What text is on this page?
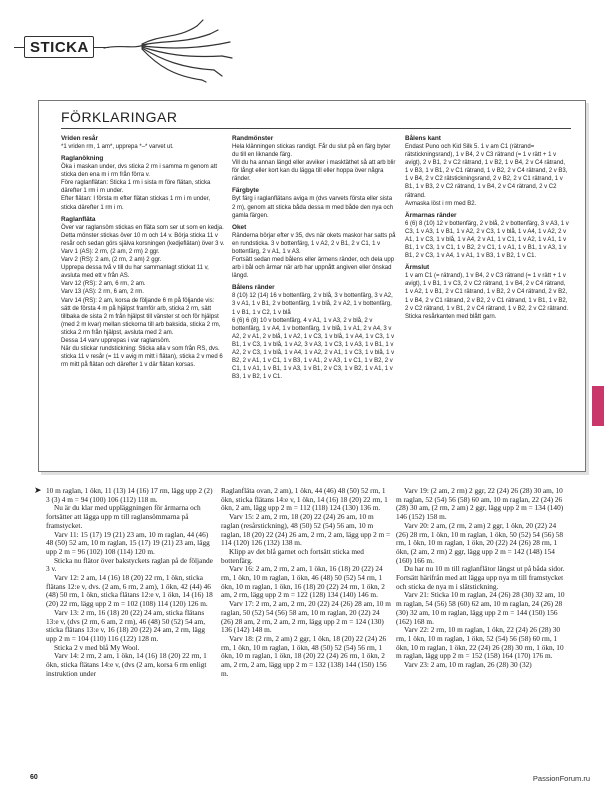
STICKA
FÖRKLARINGAR
Vriden resår

*1 vriden rm, 1 am*, upprepa *–* varvet ut.

Raglanökning

Öka i maskan under, dvs sticka 2 rm i samma m genom att sticka den ena m i rm från förra v.
Före raglanflätan: Sticka 1 rm i sista m före flätan, sticka därefter 1 rm i m under.
Efter flätan: I första m efter flätan stickas 1 rm i m under, sticka därefter 1 rm i m.

Raglanfläta

Över var raglansöm stickas en fläta som ser ut som en kedja. Detta mönster stickas över 10 m och 14 v. Börja sticka 11 v resår och sedan görs själva korsningen (kedjeflätan) över 3 v.
Varv 1 (AS): 2 rm, (2 am, 2 rm) 2 ggr.
Varv 2 (RS): 2 am, (2 rm, 2 am) 2 ggr.
Upprepa dessa två v till du har sammanlagt stickat 11 v, avsluta med ett v från AS.
Varv 12 (RS): 2 am, 6 rm, 2 am.
Varv 13 (AS): 2 rm, 6 am, 2 rm.
Varv 14 (RS): 2 am, korsa de följande 6 m på följande vis: sätt de första 4 m på hjälpst framför arb, sticka 2 rm, sätt tillbaka de sista 2 m från hjälpst till vänster st och för hjälpst (med 2 m kvar) mellan stickorna till arb baksida, sticka 2 rm, sticka 2 rm från hjälpst, avsluta med 2 am.
Dessa 14 varv upprepas i var raglansöm.
När du stickar rundstickning: Sticka alla v som från RS, dvs. sticka 11 v resår (= 11 v avig m mitt i flätan), sticka 2 v med 6 rm mitt på flätan och därefter 1 v där flätan korsas.

Randmönster

Hela klänningen stickas randigt. Får du slut på en färg byter du till en liknande färg.
Vill du ha annan längd eller avviker i masktäthet så att arb blir för långt eller kort kan du lägga till eller hoppa över några ränder.

Färgbyte

Byt färg i raglanflätans aviga m (dvs varvets första eller sista 2 m), genom att sticka båda dessa m med både den nya och gamla färgen.

Oket

Ränderna börjar efter v 35, dvs när okets maskor har satts på en rundsticka. 3 v bottenfärg, 1 v A2, 2 v B1, 2 v C1, 1 v bottenfärg, 2 v A1, 1 v A3.
Fortsätt sedan med bålens eller ärmens ränder, och dela upp arb i bål och ärmar när arb har uppnått angiven eller önskad längd.

Bålens ränder

8 (10) 12 (14) 16 v bottenfärg, 2 v blå, 3 v bottenfärg, 3 v A2, 3 v A1, 1 v B1, 2 v bottenfärg, 1 v blå, 2 v A2, 1 v bottenfärg, 1 v B1, 1 v C2, 1 v blå
6 (6) 6 (8) 10 v bottenfärg, 4 v A1, 1 v A3, 2 v blå, 2 v bottenfärg, 1 v A4, 1 v bottenfärg, 1 v blå, 1 v A1, 2 v A4, 3 v A2, 2 v A1, 2 v blå, 1 v A2, 1 v C3, 1 v blå, 1 v A4, 1 v C3, 1 v B1, 1 v C3, 1 v blå, 1 v A2, 3 v A3, 1 v C3, 1 v A3, 1 v B1, 1 v A2, 2 v C3, 1 v blå, 1 v A4, 1 v A2, 2 v A1, 1 v C3, 1 v blå, 1 v B2, 2 v A1, 1 v C1, 1 v B3, 1 v A1, 2 v A3, 1 v C1, 1 v B2, 2 v C1, 1 v A1, 1 v B1, 1 v A3, 1 v B1, 2 v C3, 1 v B2, 1 v A1, 1 v B3, 1 v B2, 1 v C1.

Bålens kant

Endast Puno och Kid Silk 5. 1 v am C1 (rätrand= rätstickningsrand), 1 v B4, 2 v C3 rätrand (= 1 v rätt + 1 v avigt), 2 v B1, 2 v C2 rätrand, 1 v B2, 1 v B4, 2 v C4 rätrand, 1 v B3, 1 v B1, 2 v C1 rätrand, 1 v B2, 2 v C4 rätrand, 2 v B3, 1 v B4, 2 v C2 rätstickningsrand, 2 v B2, 2 v C1 rätrand, 1 v B1, 1 v B3, 2 v C2 rätrand, 1 v B4, 2 v C4 rätrand, 2 v C2 rätrand.
Avmaska löst i rm med B2.

Ärmarnas ränder

6 (6) 8 (10) 12 v bottenfärg, 2 v blå, 2 v bottenfärg, 3 v A3, 1 v C3, 1 v A3, 1 v B1, 1 v A2, 2 v C3, 1 v blå, 1 v A4, 1 v A2, 2 v A1, 1 v C3, 1 v blå, 1 v A4, 2 v A1, 1 v C1, 1 v A2, 1 v A1, 1 v B1, 1 v C3, 1 v C1, 1 v B2, 2 v C1, 1 v A1, 1 v B1, 1 v A3, 1 v B1, 2 v C3, 1 v A4, 1 v A1, 1 v B3, 1 v B2, 1 v C1.

Ärmslut

1 v am C1 (= rätrand), 1 v B4, 2 v C3 rätrand (= 1 v rätt + 1 v avigt), 1 v B1, 1 v C3, 2 v C2 rätrand, 1 v B4, 2 v C4 rätrand, 1 v A2, 1 v B1, 2 v C1 rätrand, 1 v B2, 2 v C4 rätrand, 2 v B2, 1 v B4, 2 v C1 rätrand, 2 v B2, 2 v C1 rätrand, 1 v B1, 1 v B2, 2 v C2 rätrand, 1 v B1, 2 v C4 rätrand, 1 v B2, 2 v C2 rätrand.
Sticka resårkanten med blått garn.

➤ 10 m raglan, 1 ökn, 11 (13) 14 (16) 17 rm, lägg upp 2 (2) 3 (3) 4 m = 94 (100) 106 (112) 118 m.

Nu är du klar med uppläggningen för ärmarna och fortsätter att lägga upp m till raglansömmarna på framstycket.

Varv 11: 15 (17) 19 (21) 23 am, 10 m raglan, 44 (46) 48 (50) 52 am, 10 m raglan, 15 (17) 19 (21) 23 am, lägg upp 2 m = 96 (102) 108 (114) 120 m.

Sticka nu flätor över bakstyckets raglan på de följande 3 v.

Varv 12: 2 am, 14 (16) 18 (20) 22 rm, 1 ökn, sticka flätans 12:e v, dvs. (2 am, 6 rm, 2 am), 1 ökn, 42 (44) 46 (48) 50 rm, 1 ökn, sticka flätans 12:e v, 1 ökn, 14 (16) 18 (20) 22 rm, lägg upp 2 m = 102 (108) 114 (120) 126 m.

Varv 13: 2 rm, 16 (18) 20 (22) 24 am, sticka flätans 13:e v, (dvs (2 rm, 6 am, 2 rm), 46 (48) 50 (52) 54 am, sticka flätans 13:e v, 16 (18) 20 (22) 24 am, 2 rm, lägg upp 2 m = 104 (110) 116 (122) 128 m.

Sticka 2 v med blå My Wool.

Varv 14: 2 rm, 2 am, 1 ökn, 14 (16) 18 (20) 22 rm, 1 ökn, sticka flätans 14:e v, (dvs (2 am, korsa 6 rm enligt instruktion under

Raglanfläta ovan, 2 am), 1 ökn, 44 (46) 48 (50) 52 rm, 1 ökn, sticka flätans 14:e v, 1 ökn, 14 (16) 18 (20) 22 rm, 1 ökn, 2 am, lägg upp 2 m = 112 (118) 124 (130) 136 m.

Varv 15: 2 am, 2 rm, 18 (20) 22 (24) 26 am, 10 m raglan (resårstickning), 48 (50) 52 (54) 56 am, 10 m raglan, 18 (20) 22 (24) 26 am, 2 rm, 2 am, lägg upp 2 m = 114 (120) 126 (132) 138 m.

Klipp av det blå garnet och fortsätt sticka med bottenfärg.

Varv 16: 2 am, 2 rm, 2 am, 1 ökn, 16 (18) 20 (22) 24 rm, 1 ökn, 10 m raglan, 1 ökn, 46 (48) 50 (52) 54 rm, 1 ökn, 10 m raglan, 1 ökn, 16 (18) 20 (22) 24 rm, 1 ökn, 2 am, 2 rm, lägg upp 2 m = 122 (128) 134 (140) 146 m.

Varv 17: 2 rm, 2 am, 2 rm, 20 (22) 24 (26) 28 am, 10 m raglan, 50 (52) 54 (56) 58 am, 10 m raglan, 20 (22) 24 (26) 28 am, 2 rm, 2 am, 2 rm, lägg upp 2 m = 124 (130) 136 (142) 148 m.

Varv 18: (2 rm, 2 am) 2 ggr, 1 ökn, 18 (20) 22 (24) 26 rm, 1 ökn, 10 m raglan, 1 ökn, 48 (50) 52 (54) 56 rm, 1 ökn, 10 m raglan, 1 ökn, 18 (20) 22 (24) 26 rm, 1 ökn, 2 am, 2 rm, 2 am, lägg upp 2 m = 132 (138) 144 (150) 156 m.

Varv 19: (2 am, 2 rm) 2 ggr, 22 (24) 26 (28) 30 am, 10 m raglan, 52 (54) 56 (58) 60 am, 10 m raglan, 22 (24) 26 (28) 30 am, (2 rm, 2 am) 2 ggr, lägg upp 2 m = 134 (140) 146 (152) 158 m.

Varv 20: 2 am, (2 rm, 2 am) 2 ggr, 1 ökn, 20 (22) 24 (26) 28 rm, 1 ökn, 10 m raglan, 1 ökn, 50 (52) 54 (56) 58 rm, 1 ökn, 10 m raglan, 1 ökn, 20 (22) 24 (26) 28 rm, 1 ökn, (2 am, 2 rm) 2 ggr, lägg upp 2 m = 142 (148) 154 (160) 166 m.

Du har nu 10 m till raglanflätor längst ut på båda sidor. Fortsätt härifrån med att lägga upp nya m till framstycket och sticka de nya m i slätstickning.

Varv 21: Sticka 10 m raglan, 24 (26) 28 (30) 32 am, 10 m raglan, 54 (56) 58 (60) 62 am, 10 m raglan, 24 (26) 28 (30) 32 am, 10 m raglan, lägg upp 2 m = 144 (150) 156 (162) 168 m.

Varv 22: 2 rm, 10 m raglan, 1 ökn, 22 (24) 26 (28) 30 rm, 1 ökn, 10 m raglan, 1 ökn, 52 (54) 56 (58) 60 rm, 1 ökn, 10 m raglan, 1 ökn, 22 (24) 26 (28) 30 rm, 1 ökn, 10 m raglan, lägg upp 2 m = 152 (158) 164 (170) 176 m.

Varv 23: 2 am, 10 m raglan, 26 (28) 30 (32)

60	PassionForum.ru
